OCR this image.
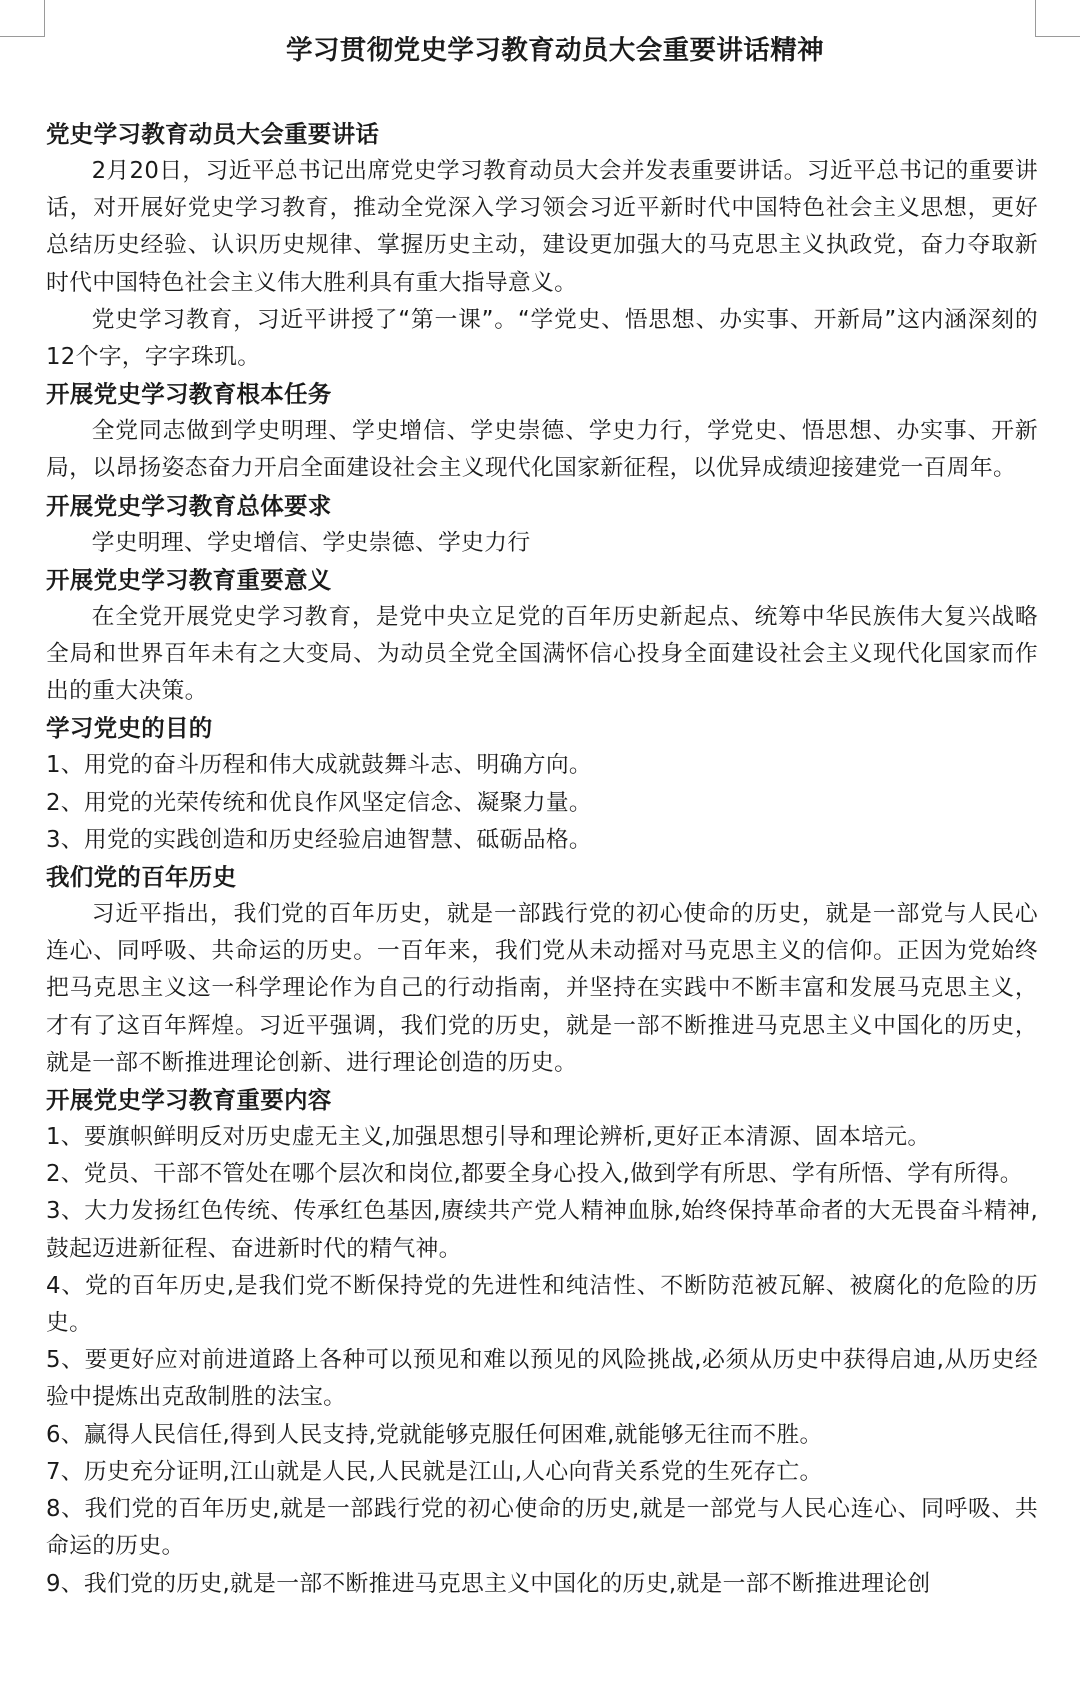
学习贯彻党史学习教育动员大会重要讲话精神
党史学习教育动员大会重要讲话

2月20日，习近平总书记出席党史学习教育动员大会并发表重要讲话。习近平总书记的重要讲话，对开展好党史学习教育，推动全党深入学习领会习近平新时代中国特色社会主义思想，更好总结历史经验、认识历史规律、掌握历史主动，建设更加强大的马克思主义执政党，奋力夺取新时代中国特色社会主义伟大胜利具有重大指导意义。

党史学习教育，习近平讲授了“第一课”。“学党史、悟思想、办实事、开新局”这内涵深刻的12个字，字字珠玑。

开展党史学习教育根本任务

全党同志做到学史明理、学史增信、学史崇德、学史力行，学党史、悟思想、办实事、开新局，以昂扬姿态奋力开启全面建设社会主义现代化国家新征程，以优异成绩迎接建党一百周年。

开展党史学习教育总体要求

学史明理、学史增信、学史崇德、学史力行

开展党史学习教育重要意义

在全党开展党史学习教育，是党中央立足党的百年历史新起点、统筹中华民族伟大复兴战略全局和世界百年未有之大变局、为动员全党全国满怀信心投身全面建设社会主义现代化国家而作出的重大决策。

学习党史的目的
1、用党的奋斗历程和伟大成就鼓舞斗志、明确方向。
2、用党的光荣传统和优良作风坚定信念、凝聚力量。
3、用党的实践创造和历史经验启迪智慧、砥砺品格。
我们党的百年历史

习近平指出，我们党的百年历史，就是一部践行党的初心使命的历史，就是一部党与人民心连心、同呼吸、共命运的历史。一百年来，我们党从未动摇对马克思主义的信仰。正因为党始终把马克思主义这一科学理论作为自己的行动指南，并坚持在实践中不断丰富和发展马克思主义，才有了这百年辉煌。习近平强调，我们党的历史，就是一部不断推进马克思主义中国化的历史，就是一部不断推进理论创新、进行理论创造的历史。

开展党史学习教育重要内容
1、要旗帜鲜明反对历史虚无主义,加强思想引导和理论辨析,更好正本清源、固本培元。
2、党员、干部不管处在哪个层次和岗位,都要全身心投入,做到学有所思、学有所悟、学有所得。
3、大力发扬红色传统、传承红色基因,赓续共产党人精神血脉,始终保持革命者的大无畏奋斗精神,鼓起迈进新征程、奋进新时代的精气神。
4、党的百年历史,是我们党不断保持党的先进性和纯洁性、不断防范被瓦解、被腐化的危险的历史。
5、要更好应对前进道路上各种可以预见和难以预见的风险挑战,必须从历史中获得启迪,从历史经验中提炼出克敌制胜的法宝。
6、赢得人民信任,得到人民支持,党就能够克服任何困难,就能够无往而不胜。
7、历史充分证明,江山就是人民,人民就是江山,人心向背关系党的生死存亡。
8、我们党的百年历史,就是一部践行党的初心使命的历史,就是一部党与人民心连心、同呼吸、共命运的历史。
9、我们党的历史,就是一部不断推进马克思主义中国化的历史,就是一部不断推进理论创
